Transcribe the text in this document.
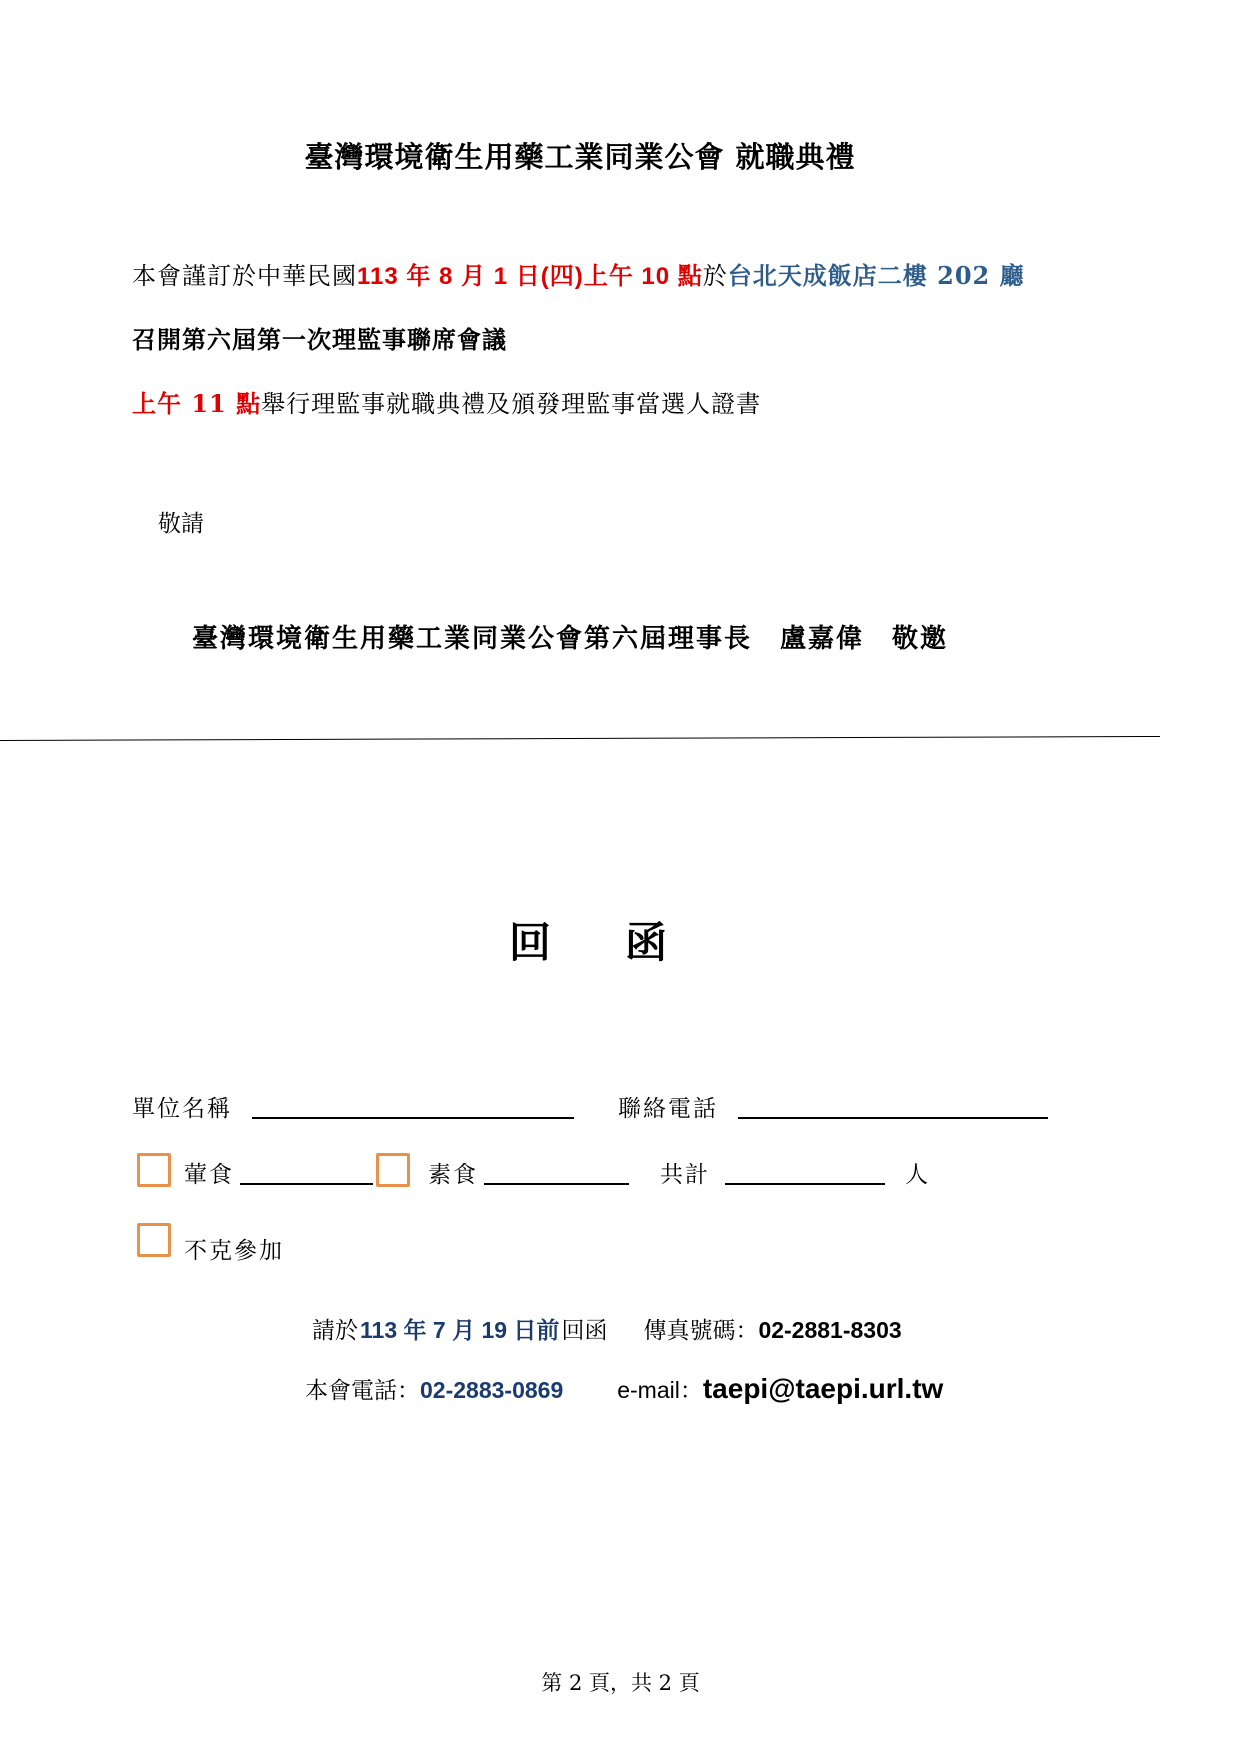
臺灣環境衛生用藥工業同業公會 就職典禮
本會謹訂於中華民國113 年 8 月 1 日(四)上午 10 點於台北天成飯店二樓 202 廳
召開第六屆第一次理監事聯席會議
上午 11 點舉行理監事就職典禮及頒發理監事當選人證書
敬請
臺灣環境衛生用藥工業同業公會第六屆理事長 盧嘉偉 敬邀
回 函
單位名稱	聯絡電話
葷食	素食	共計	人
不克參加
請於113 年 7 月 19 日前回函 傳真號碼：02-2881-8303
本會電話：02-2883-0869 e-mail：taepi@taepi.url.tw
第 2 頁，共 2 頁
